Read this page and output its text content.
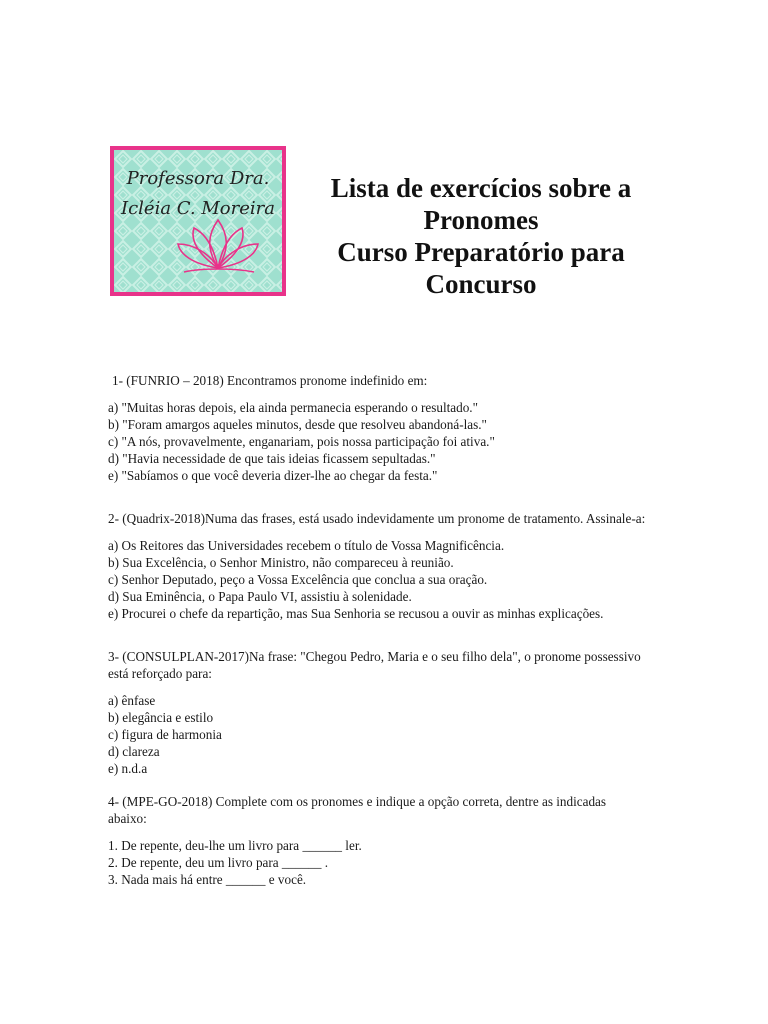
Professora Dra.
Icléia C. Moreira
Lista de exercícios sobre a
Pronomes
Curso Preparatório para
Concurso
1- (FUNRIO – 2018) Encontramos pronome indefinido em:
a) "Muitas horas depois, ela ainda permanecia esperando o resultado."
b) "Foram amargos aqueles minutos, desde que resolveu abandoná-las."
c) "A nós, provavelmente, enganariam, pois nossa participação foi ativa."
d) "Havia necessidade de que tais ideias ficassem sepultadas."
e) "Sabíamos o que você deveria dizer-lhe ao chegar da festa."
2- (Quadrix-2018)Numa das frases, está usado indevidamente um pronome de tratamento. Assinale-a:
a) Os Reitores das Universidades recebem o título de Vossa Magnificência.
b) Sua Excelência, o Senhor Ministro, não compareceu à reunião.
c) Senhor Deputado, peço a Vossa Excelência que conclua a sua oração.
d) Sua Eminência, o Papa Paulo VI, assistiu à solenidade.
e) Procurei o chefe da repartição, mas Sua Senhoria se recusou a ouvir as minhas explicações.
3- (CONSULPLAN-2017)Na frase: "Chegou Pedro, Maria e o seu filho dela", o pronome possessivo está reforçado para:
a) ênfase
b) elegância e estilo
c) figura de harmonia
d) clareza
e) n.d.a
4- (MPE-GO-2018) Complete com os pronomes e indique a opção correta, dentre as indicadas abaixo:
1. De repente, deu-lhe um livro para ______ ler.
2. De repente, deu um livro para ______ .
3. Nada mais há entre ______ e você.
